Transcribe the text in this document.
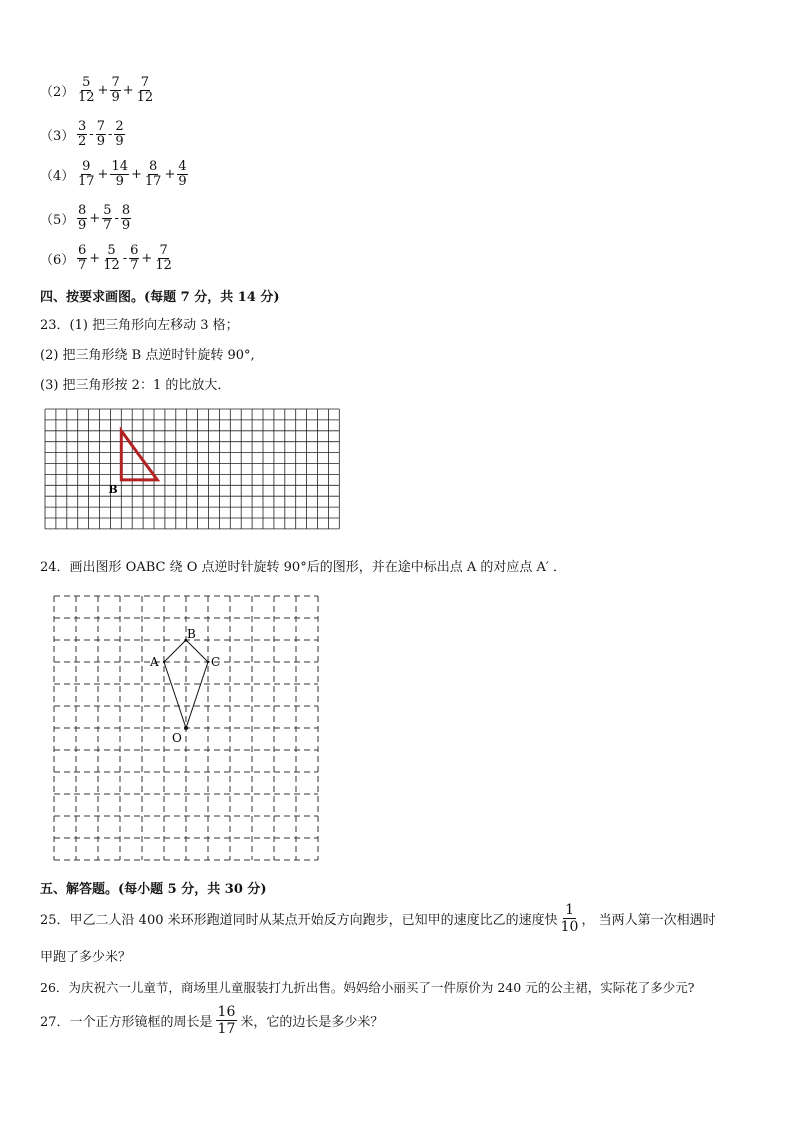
$(2) \frac{5}{12} + \frac{7}{9} + \frac{7}{12}$
$(3) \frac{3}{2} - \frac{7}{9} - \frac{2}{9}$
$(4) \frac{9}{17} + \frac{14}{9} + \frac{8}{17} + \frac{4}{9}$
$(5) \frac{8}{9} + \frac{5}{7} - \frac{8}{9}$
$(6) \frac{6}{7} + \frac{5}{12} - \frac{6}{7} + \frac{7}{12}$
四、按要求画图。(每题 7 分，共 14 分)
23．(1) 把三角形向左移动 3 格；
(2) 把三角形绕 B 点逆时针旋转 90°,
(3) 把三角形按 2：1 的比放大．
B
24．画出图形 OABC 绕 O 点逆时针旋转 90°后的图形，并在途中标出点 A 的对应点 A′ ．
A
B
C
O
五、解答题。(每小题 5 分，共 30 分)
25．甲乙二人沿 400 米环形跑道同时从某点开始反方向跑步，已知甲的速度比乙的速度快 $\frac{1}{10}$ ， 当两人第一次相遇时
甲跑了多少米？
26．为庆祝六一儿童节，商场里儿童服装打九折出售。妈妈给小丽买了一件原价为 240 元的公主裙，实际花了多少元?
27．一个正方形镜框的周长是 $\frac{16}{17}$ 米，它的边长是多少米？
